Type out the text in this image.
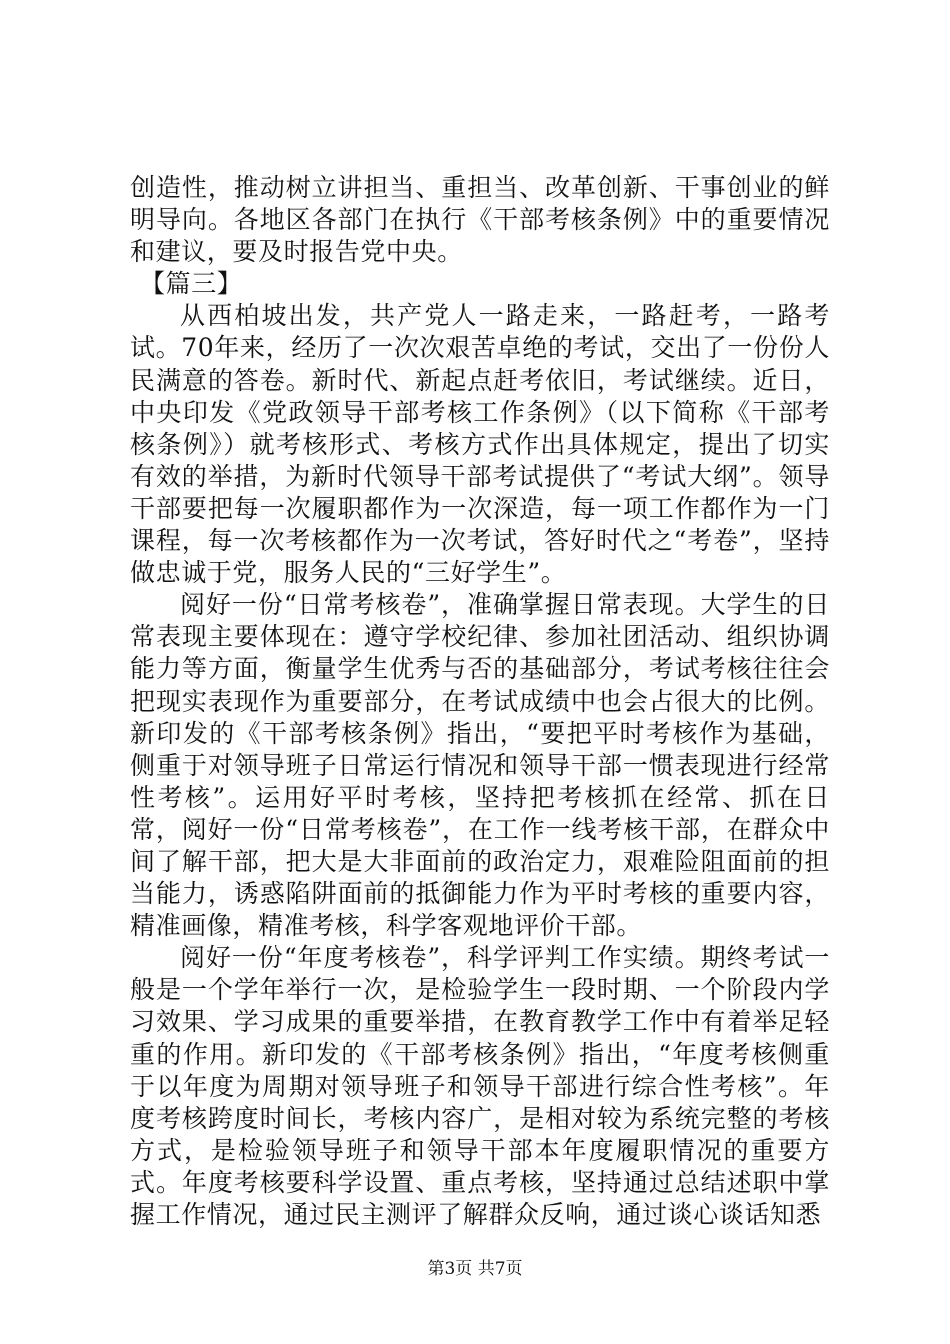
创造性，推动树立讲担当、重担当、改革创新、干事创业的鲜明导向。各地区各部门在执行《干部考核条例》中的重要情况和建议，要及时报告党中央。

【篇三】

从西柏坡出发，共产党人一路走来，一路赶考，一路考试。70年来，经历了一次次艰苦卓绝的考试，交出了一份份人民满意的答卷。新时代、新起点赶考依旧，考试继续。近日，中央印发《党政领导干部考核工作条例》（以下简称《干部考核条例》）就考核形式、考核方式作出具体规定，提出了切实有效的举措，为新时代领导干部考试提供了“考试大纲”。领导干部要把每一次履职都作为一次深造，每一项工作都作为一门课程，每一次考核都作为一次考试，答好时代之“考卷”，坚持做忠诚于党，服务人民的“三好学生”。

阅好一份“日常考核卷”，准确掌握日常表现。大学生的日常表现主要体现在：遵守学校纪律、参加社团活动、组织协调能力等方面，衡量学生优秀与否的基础部分，考试考核往往会把现实表现作为重要部分，在考试成绩中也会占很大的比例。新印发的《干部考核条例》指出，“要把平时考核作为基础，侧重于对领导班子日常运行情况和领导干部一惯表现进行经常性考核”。运用好平时考核，坚持把考核抓在经常、抓在日常，阅好一份“日常考核卷”，在工作一线考核干部，在群众中间了解干部，把大是大非面前的政治定力，艰难险阻面前的担当能力，诱惑陷阱面前的抵御能力作为平时考核的重要内容，精准画像，精准考核，科学客观地评价干部。

阅好一份“年度考核卷”，科学评判工作实绩。期终考试一般是一个学年举行一次，是检验学生一段时期、一个阶段内学习效果、学习成果的重要举措，在教育教学工作中有着举足轻重的作用。新印发的《干部考核条例》指出，“年度考核侧重于以年度为周期对领导班子和领导干部进行综合性考核”。年度考核跨度时间长，考核内容广，是相对较为系统完整的考核方式，是检验领导班子和领导干部本年度履职情况的重要方式。年度考核要科学设置、重点考核，坚持通过总结述职中掌握工作情况，通过民主测评了解群众反响，通过谈心谈话知悉

第3页 共7页
